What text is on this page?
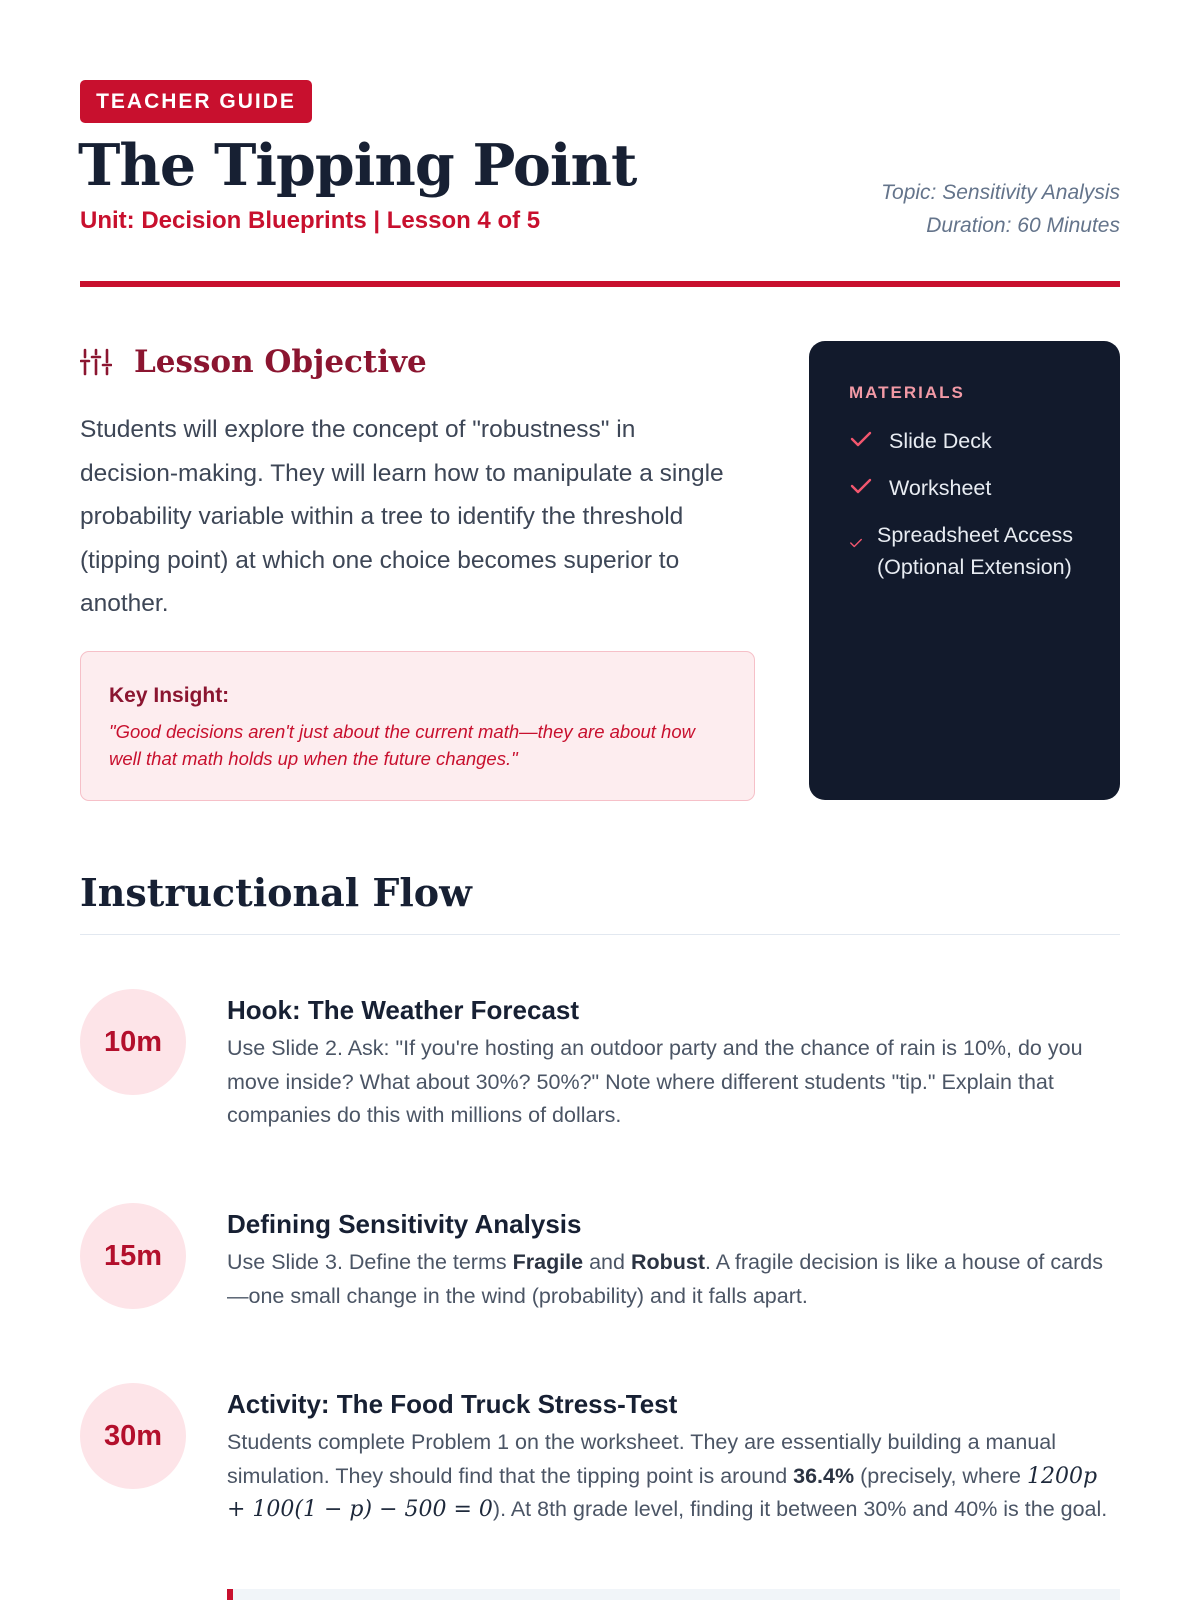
TEACHER GUIDE
The Tipping Point
Unit: Decision Blueprints | Lesson 4 of 5
Topic: Sensitivity Analysis
Duration: 60 Minutes
Lesson Objective
Students will explore the concept of "robustness" in decision-making. They will learn how to manipulate a single probability variable within a tree to identify the threshold (tipping point) at which one choice becomes superior to another.
Key Insight:
"Good decisions aren't just about the current math—they are about how well that math holds up when the future changes."
MATERIALS
Slide Deck
Worksheet
Spreadsheet Access (Optional Extension)
Instructional Flow
10m
Hook: The Weather Forecast
Use Slide 2. Ask: "If you're hosting an outdoor party and the chance of rain is 10%, do you move inside? What about 30%? 50%?" Note where different students "tip." Explain that companies do this with millions of dollars.
15m
Defining Sensitivity Analysis
Use Slide 3. Define the terms Fragile and Robust. A fragile decision is like a house of cards—one small change in the wind (probability) and it falls apart.
30m
Activity: The Food Truck Stress-Test
Students complete Problem 1 on the worksheet. They are essentially building a manual simulation. They should find that the tipping point is around 36.4% (precisely, where 1200p + 100(1 − p) − 500 = 0). At 8th grade level, finding it between 30% and 40% is the goal.
